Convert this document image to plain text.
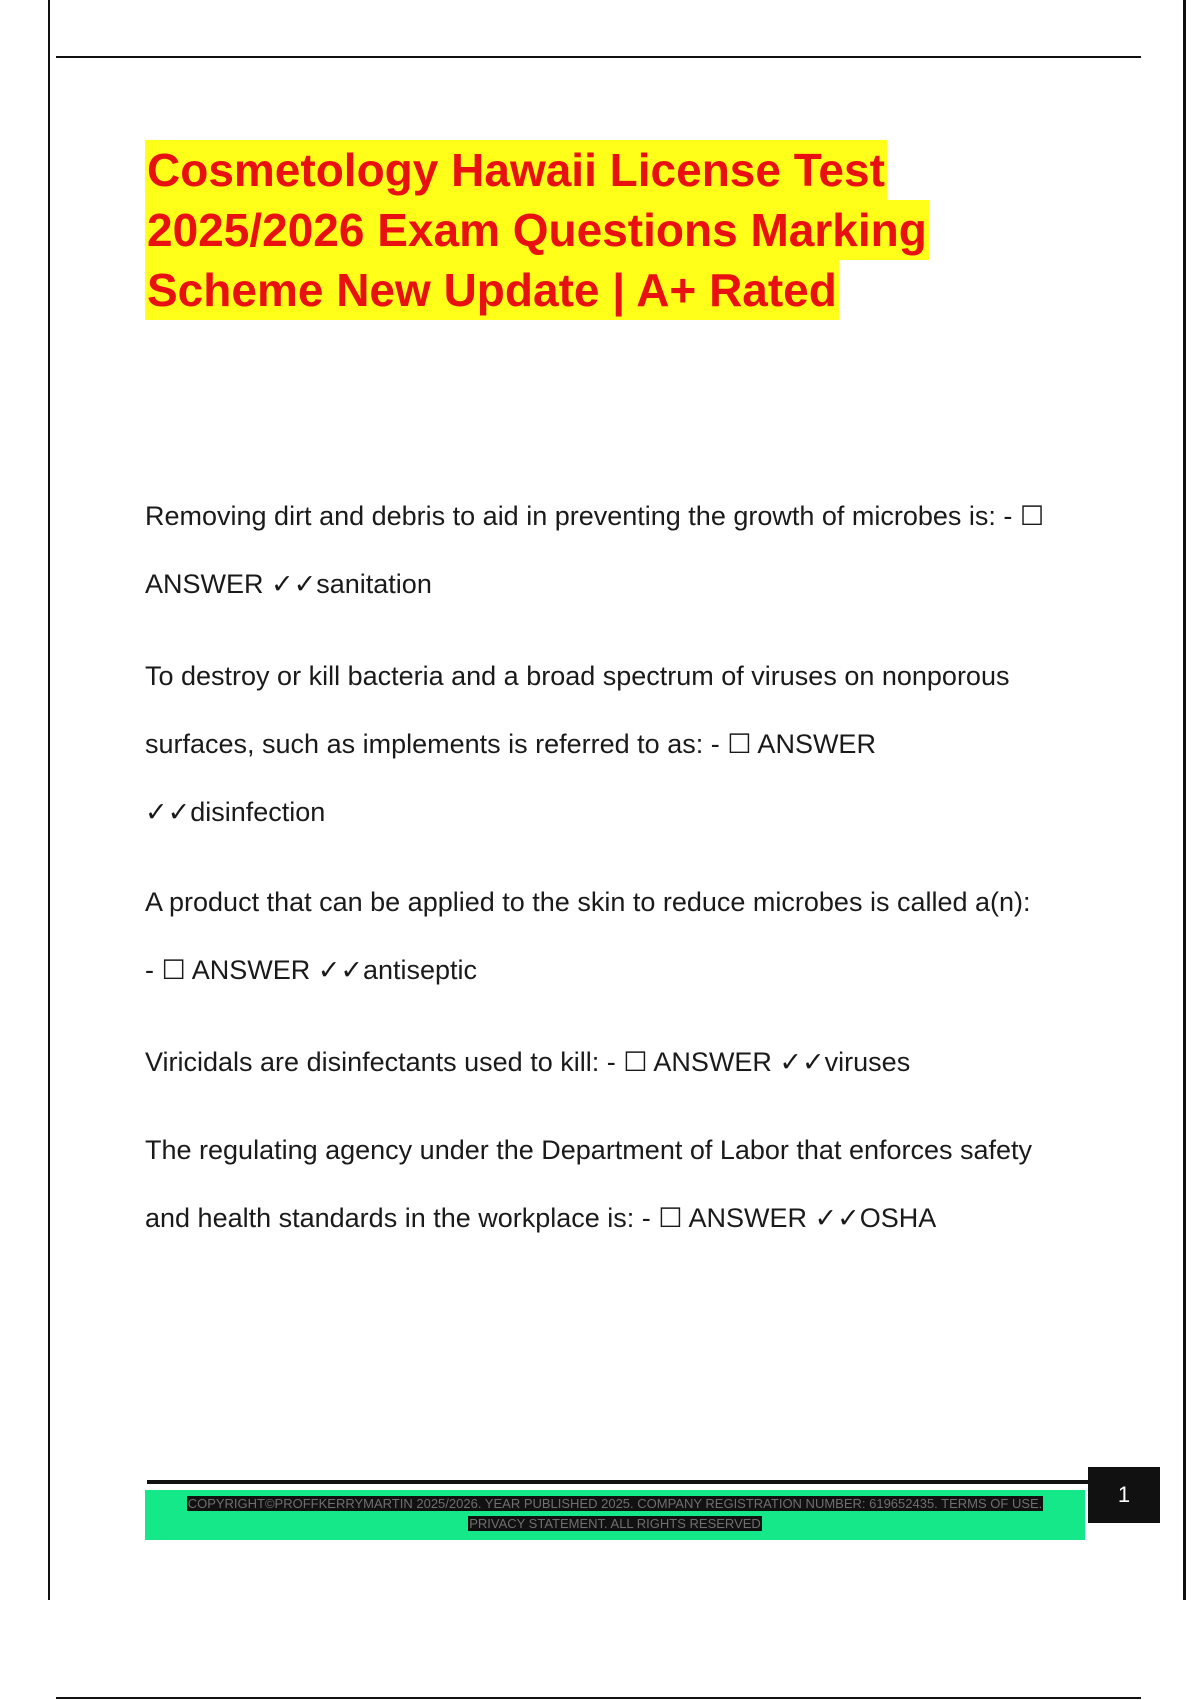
Cosmetology Hawaii License Test
2025/2026 Exam Questions Marking
Scheme New Update | A+ Rated
Removing dirt and debris to aid in preventing the growth of microbes is: - ☐
ANSWER ✓✓sanitation
To destroy or kill bacteria and a broad spectrum of viruses on nonporous
surfaces, such as implements is referred to as: - ☐ ANSWER
✓✓disinfection
A product that can be applied to the skin to reduce microbes is called a(n):
- ☐ ANSWER ✓✓antiseptic
Viricidals are disinfectants used to kill: - ☐ ANSWER ✓✓viruses
The regulating agency under the Department of Labor that enforces safety
and health standards in the workplace is: - ☐ ANSWER ✓✓OSHA
COPYRIGHT©PROFFKERRYMARTIN 2025/2026. YEAR PUBLISHED 2025. COMPANY REGISTRATION NUMBER: 619652435. TERMS OF USE.
PRIVACY STATEMENT. ALL RIGHTS RESERVED
1
